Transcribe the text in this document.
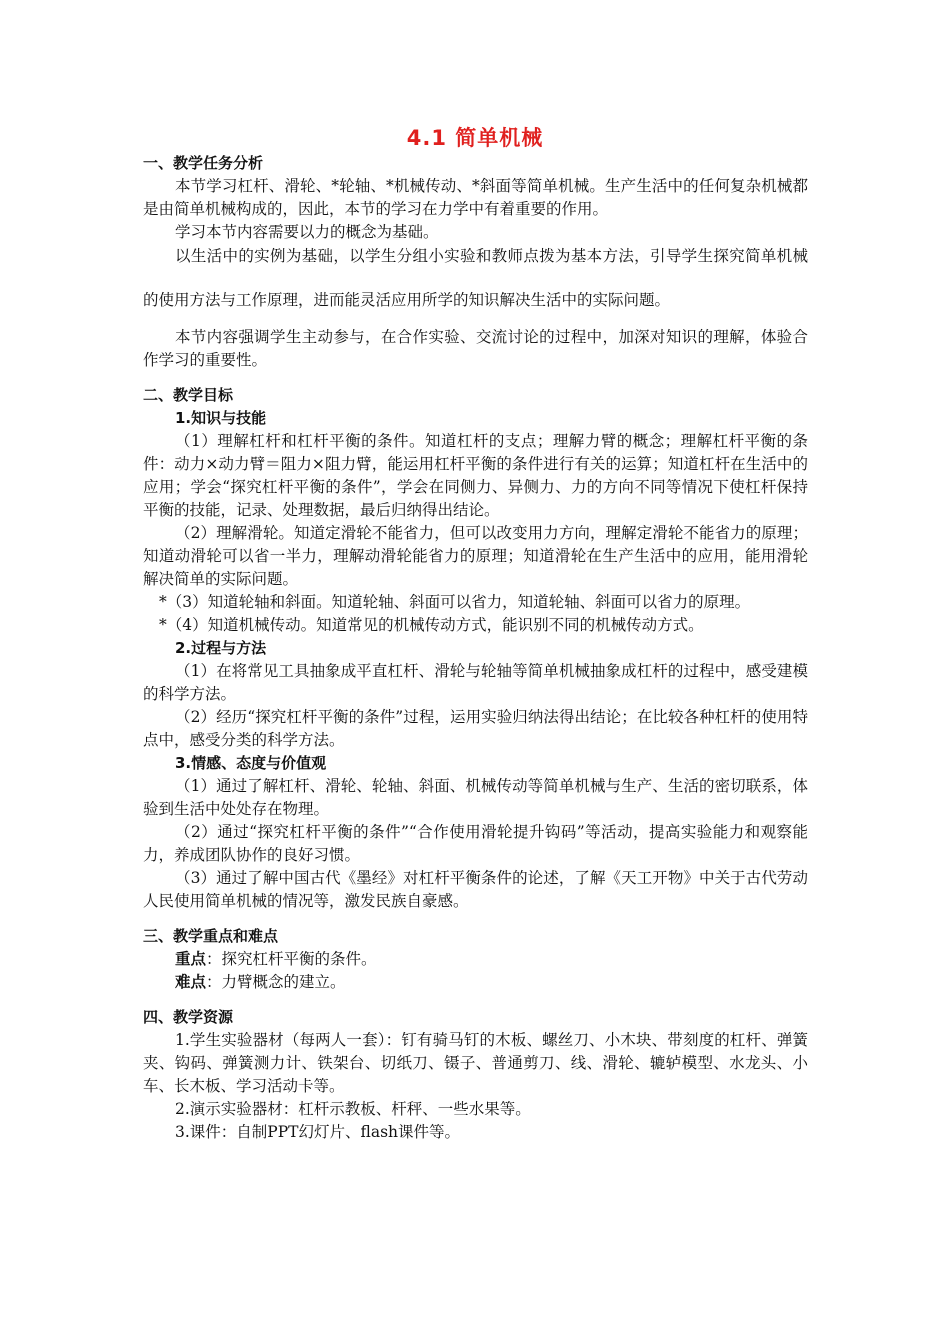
4.1 简单机械

一、教学任务分析

本节学习杠杆、滑轮、*轮轴、*机械传动、*斜面等简单机械。生产生活中的任何复杂机械都是由简单机械构成的，因此，本节的学习在力学中有着重要的作用。

学习本节内容需要以力的概念为基础。

以生活中的实例为基础，以学生分组小实验和教师点拨为基本方法，引导学生探究简单机械的使用方法与工作原理，进而能灵活应用所学的知识解决生活中的实际问题。

本节内容强调学生主动参与，在合作实验、交流讨论的过程中，加深对知识的理解，体验合作学习的重要性。

二、教学目标

1.知识与技能

（1）理解杠杆和杠杆平衡的条件。知道杠杆的支点；理解力臂的概念；理解杠杆平衡的条件：动力×动力臂＝阻力×阻力臂，能运用杠杆平衡的条件进行有关的运算；知道杠杆在生活中的应用；学会“探究杠杆平衡的条件”，学会在同侧力、异侧力、力的方向不同等情况下使杠杆保持平衡的技能，记录、处理数据，最后归纳得出结论。

（2）理解滑轮。知道定滑轮不能省力，但可以改变用力方向，理解定滑轮不能省力的原理；知道动滑轮可以省一半力，理解动滑轮能省力的原理；知道滑轮在生产生活中的应用，能用滑轮解决简单的实际问题。

*（3）知道轮轴和斜面。知道轮轴、斜面可以省力，知道轮轴、斜面可以省力的原理。

*（4）知道机械传动。知道常见的机械传动方式，能识别不同的机械传动方式。

2.过程与方法

（1）在将常见工具抽象成平直杠杆、滑轮与轮轴等简单机械抽象成杠杆的过程中，感受建模的科学方法。

（2）经历“探究杠杆平衡的条件”过程，运用实验归纳法得出结论；在比较各种杠杆的使用特点中，感受分类的科学方法。

3.情感、态度与价值观

（1）通过了解杠杆、滑轮、轮轴、斜面、机械传动等简单机械与生产、生活的密切联系，体验到生活中处处存在物理。

（2）通过“探究杠杆平衡的条件”“合作使用滑轮提升钩码”等活动，提高实验能力和观察能力，养成团队协作的良好习惯。

（3）通过了解中国古代《墨经》对杠杆平衡条件的论述，了解《天工开物》中关于古代劳动人民使用简单机械的情况等，激发民族自豪感。

三、教学重点和难点

重点：探究杠杆平衡的条件。

难点：力臂概念的建立。

四、教学资源

1.学生实验器材（每两人一套）：钉有骑马钉的木板、螺丝刀、小木块、带刻度的杠杆、弹簧夹、钩码、弹簧测力计、铁架台、切纸刀、镊子、普通剪刀、线、滑轮、辘轳模型、水龙头、小车、长木板、学习活动卡等。

2.演示实验器材：杠杆示教板、杆秤、一些水果等。

3.课件：自制PPT幻灯片、flash课件等。
